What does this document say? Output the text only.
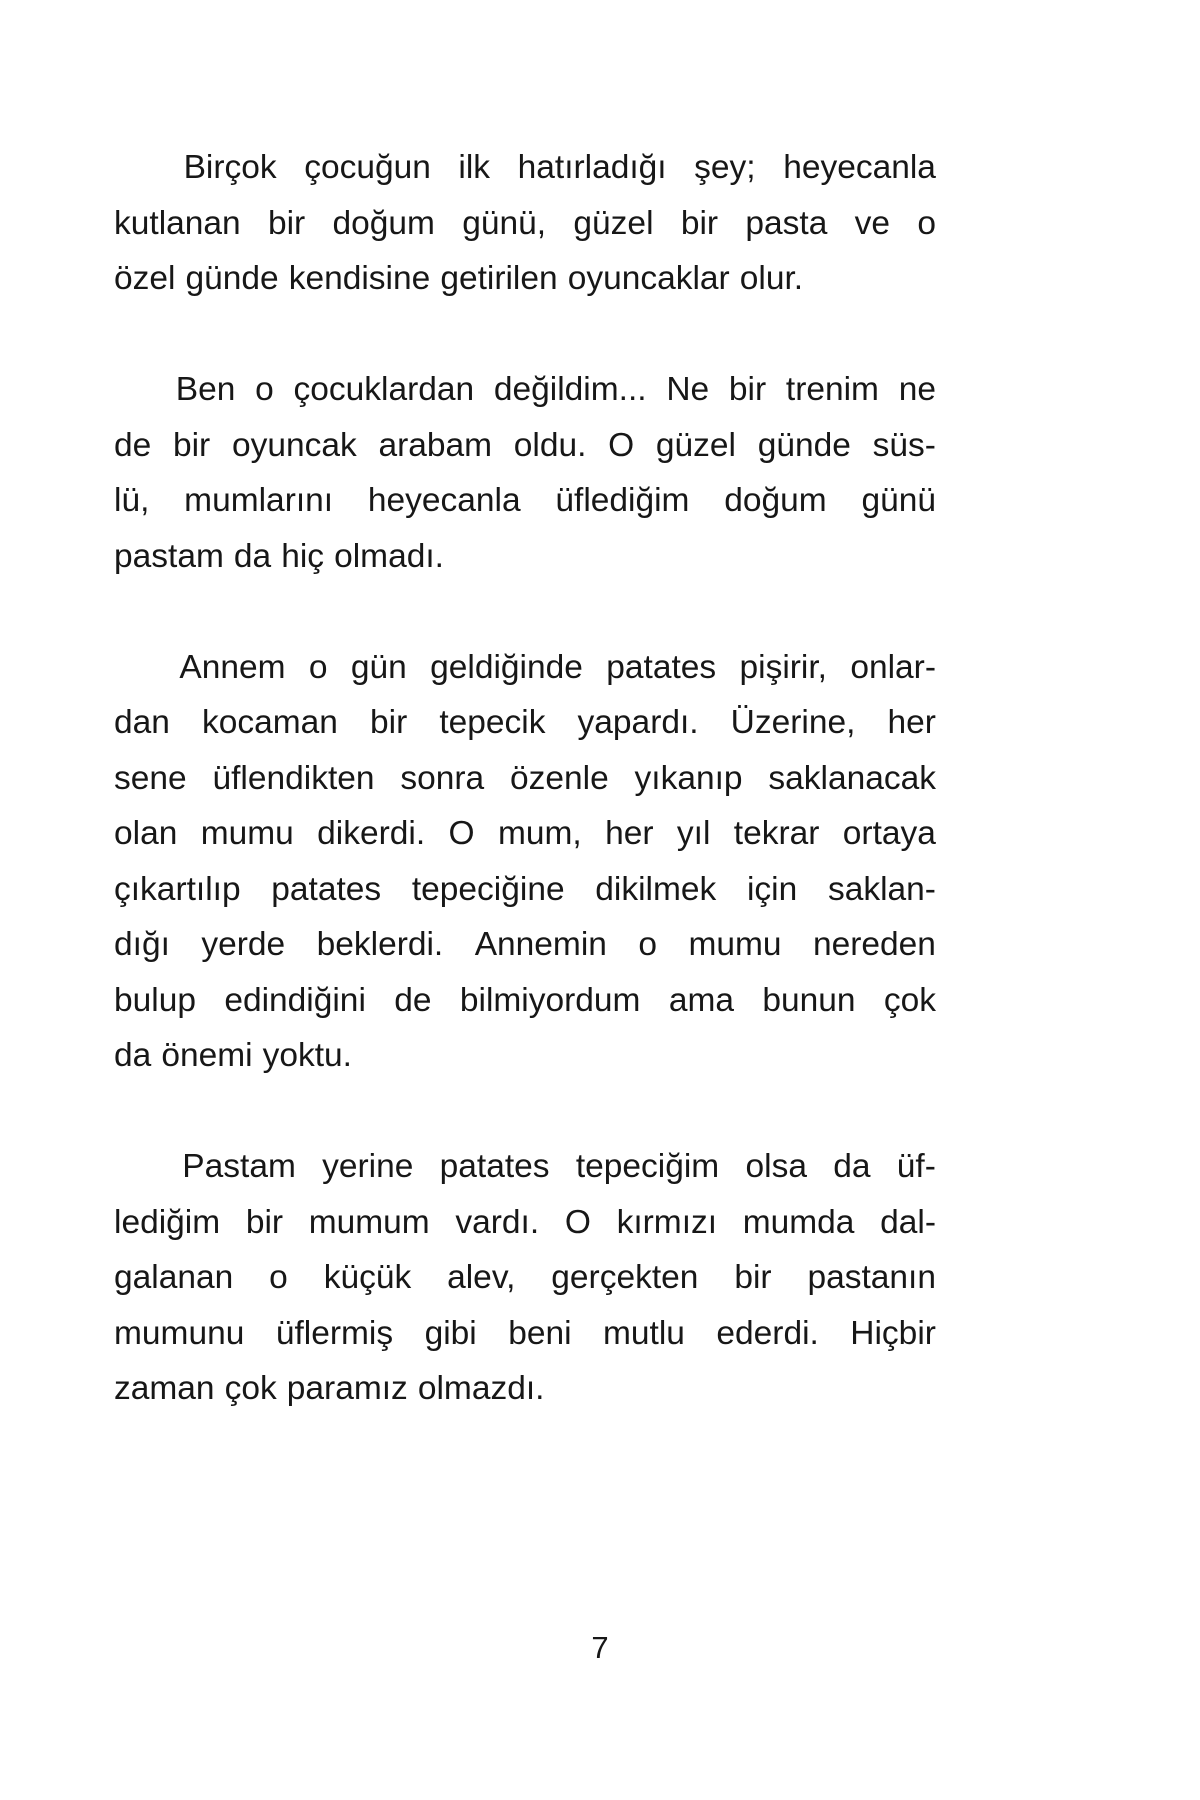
Birçok çocuğun ilk hatırladığı şey; heyecanla
kutlanan bir doğum günü, güzel bir pasta ve o
özel günde kendisine getirilen oyuncaklar olur.
Ben o çocuklardan değildim... Ne bir trenim ne
de bir oyuncak arabam oldu. O güzel günde süs-
lü, mumlarını heyecanla üflediğim doğum günü
pastam da hiç olmadı.
Annem o gün geldiğinde patates pişirir, onlar-
dan kocaman bir tepecik yapardı. Üzerine, her
sene üflendikten sonra özenle yıkanıp saklanacak
olan mumu dikerdi. O mum, her yıl tekrar ortaya
çıkartılıp patates tepeciğine dikilmek için saklan-
dığı yerde beklerdi. Annemin o mumu nereden
bulup edindiğini de bilmiyordum ama bunun çok
da önemi yoktu.
Pastam yerine patates tepeciğim olsa da üf-
lediğim bir mumum vardı. O kırmızı mumda dal-
galanan o küçük alev, gerçekten bir pastanın
mumunu üflermiş gibi beni mutlu ederdi. Hiçbir
zaman çok paramız olmazdı.
7
